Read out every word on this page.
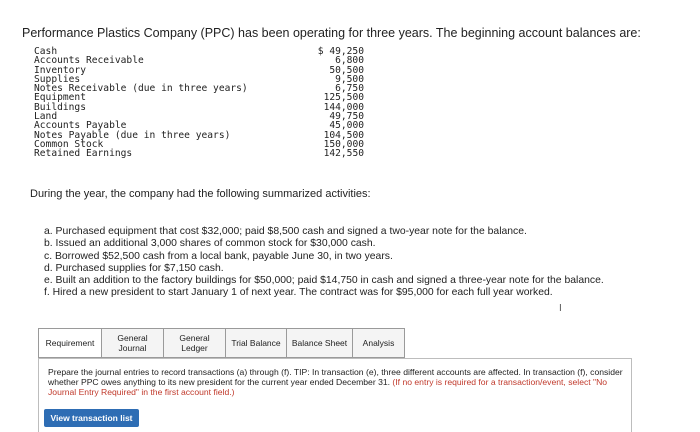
Performance Plastics Company (PPC) has been operating for three years. The beginning account balances are:
Cash	$ 49,250
Accounts Receivable	6,800
Inventory	50,500
Supplies	9,500
Notes Receivable (due in three years)	6,750
Equipment	125,500
Buildings	144,000
Land	49,750
Accounts Payable	45,000
Notes Payable (due in three years)	104,500
Common Stock	150,000
Retained Earnings	142,550
During the year, the company had the following summarized activities:
a. Purchased equipment that cost $32,000; paid $8,500 cash and signed a two-year note for the balance.
b. Issued an additional 3,000 shares of common stock for $30,000 cash.
c. Borrowed $52,500 cash from a local bank, payable June 30, in two years.
d. Purchased supplies for $7,150 cash.
e. Built an addition to the factory buildings for $50,000; paid $14,750 in cash and signed a three-year note for the balance.
f. Hired a new president to start January 1 of next year. The contract was for $95,000 for each full year worked.
I
Requirement	General Journal
General Ledger	Trial Balance	Balance Sheet	Analysis
Prepare the journal entries to record transactions (a) through (f). TIP: In transaction (e), three different accounts are affected. In transaction (f), consider whether PPC owes anything to its new president for the current year ended December 31. (If no entry is required for a transaction/event, select "No Journal Entry Required" in the first account field.)
View transaction list
